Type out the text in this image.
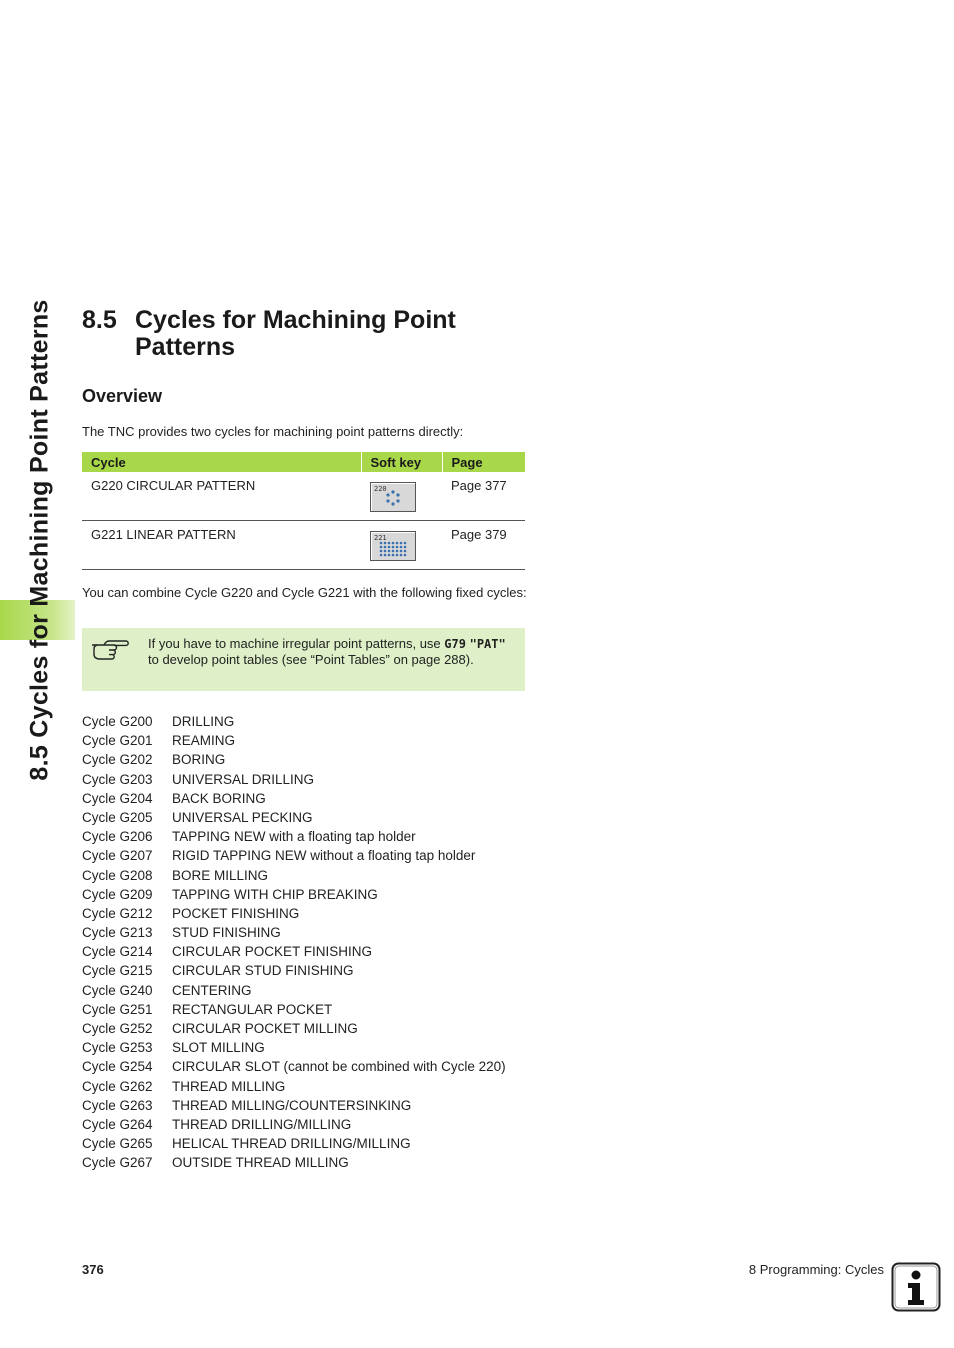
8.5 Cycles for Machining Point Patterns 8.5 Cycles for Machining Point
Patterns
Overview
The TNC provides two cycles for machining point patterns directly:
Cycle	Soft key	Page
G220 CIRCULAR PATTERN	220	Page 377
G221 LINEAR PATTERN	221	Page 379
You can combine Cycle G220 and Cycle G221 with the following fixed cycles:
If you have to machine irregular point patterns, use G79 "PAT" to develop point tables (see “Point Tables” on page 288).
Cycle G200 DRILLING
Cycle G201 REAMING
Cycle G202 BORING
Cycle G203 UNIVERSAL DRILLING
Cycle G204 BACK BORING
Cycle G205 UNIVERSAL PECKING
Cycle G206 TAPPING NEW with a floating tap holder
Cycle G207 RIGID TAPPING NEW without a floating tap holder
Cycle G208 BORE MILLING
Cycle G209 TAPPING WITH CHIP BREAKING
Cycle G212 POCKET FINISHING
Cycle G213 STUD FINISHING
Cycle G214 CIRCULAR POCKET FINISHING
Cycle G215 CIRCULAR STUD FINISHING
Cycle G240 CENTERING
Cycle G251 RECTANGULAR POCKET
Cycle G252 CIRCULAR POCKET MILLING
Cycle G253 SLOT MILLING
Cycle G254 CIRCULAR SLOT (cannot be combined with Cycle 220)
Cycle G262 THREAD MILLING
Cycle G263 THREAD MILLING/COUNTERSINKING
Cycle G264 THREAD DRILLING/MILLING
Cycle G265 HELICAL THREAD DRILLING/MILLING
Cycle G267 OUTSIDE THREAD MILLING
376	8 Programming: Cycles
